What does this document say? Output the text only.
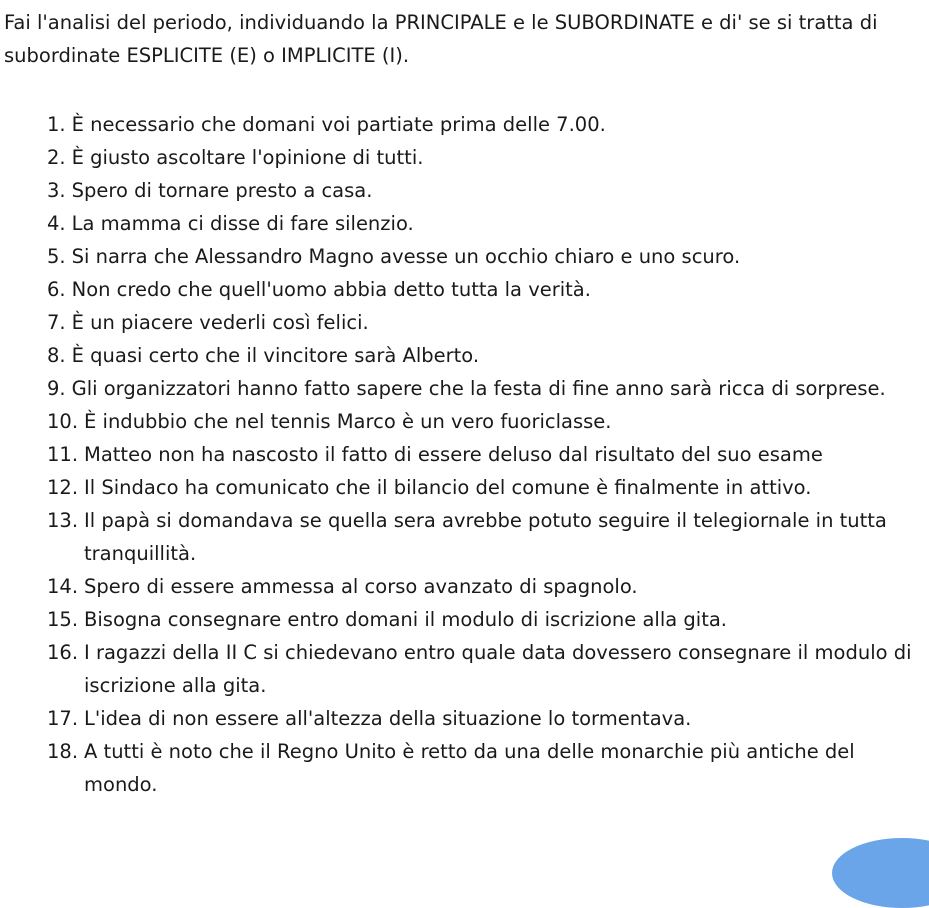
Fai l'analisi del periodo, individuando la PRINCIPALE e le SUBORDINATE e di' se si tratta di subordinate ESPLICITE (E) o IMPLICITE (I).

1. È necessario che domani voi partiate prima delle 7.00.
2. È giusto ascoltare l'opinione di tutti.
3. Spero di tornare presto a casa.
4. La mamma ci disse di fare silenzio.
5. Si narra che Alessandro Magno avesse un occhio chiaro e uno scuro.
6. Non credo che quell'uomo abbia detto tutta la verità.
7. È un piacere vederli così felici.
8. È quasi certo che il vincitore sarà Alberto.
9. Gli organizzatori hanno fatto sapere che la festa di fine anno sarà ricca di sorprese.
10. È indubbio che nel tennis Marco è un vero fuoriclasse.
11. Matteo non ha nascosto il fatto di essere deluso dal risultato del suo esame
12. Il Sindaco ha comunicato che il bilancio del comune è finalmente in attivo.
13. Il papà si domandava se quella sera avrebbe potuto seguire il telegiornale in tutta tranquillità.
14. Spero di essere ammessa al corso avanzato di spagnolo.
15. Bisogna consegnare entro domani il modulo di iscrizione alla gita.
16. I ragazzi della II C si chiedevano entro quale data dovessero consegnare il modulo di iscrizione alla gita.
17. L'idea di non essere all'altezza della situazione lo tormentava.
18. A tutti è noto che il Regno Unito è retto da una delle monarchie più antiche del mondo.
